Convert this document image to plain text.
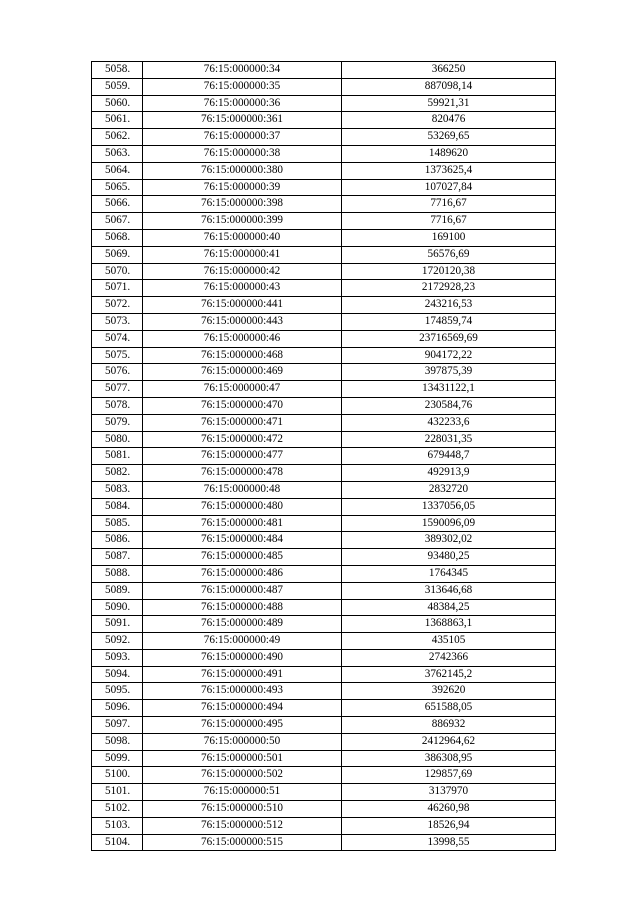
5058.	76:15:000000:34	366250
5059.	76:15:000000:35	887098,14
5060.	76:15:000000:36	59921,31
5061.	76:15:000000:361	820476
5062.	76:15:000000:37	53269,65
5063.	76:15:000000:38	1489620
5064.	76:15:000000:380	1373625,4
5065.	76:15:000000:39	107027,84
5066.	76:15:000000:398	7716,67
5067.	76:15:000000:399	7716,67
5068.	76:15:000000:40	169100
5069.	76:15:000000:41	56576,69
5070.	76:15:000000:42	1720120,38
5071.	76:15:000000:43	2172928,23
5072.	76:15:000000:441	243216,53
5073.	76:15:000000:443	174859,74
5074.	76:15:000000:46	23716569,69
5075.	76:15:000000:468	904172,22
5076.	76:15:000000:469	397875,39
5077.	76:15:000000:47	13431122,1
5078.	76:15:000000:470	230584,76
5079.	76:15:000000:471	432233,6
5080.	76:15:000000:472	228031,35
5081.	76:15:000000:477	679448,7
5082.	76:15:000000:478	492913,9
5083.	76:15:000000:48	2832720
5084.	76:15:000000:480	1337056,05
5085.	76:15:000000:481	1590096,09
5086.	76:15:000000:484	389302,02
5087.	76:15:000000:485	93480,25
5088.	76:15:000000:486	1764345
5089.	76:15:000000:487	313646,68
5090.	76:15:000000:488	48384,25
5091.	76:15:000000:489	1368863,1
5092.	76:15:000000:49	435105
5093.	76:15:000000:490	2742366
5094.	76:15:000000:491	3762145,2
5095.	76:15:000000:493	392620
5096.	76:15:000000:494	651588,05
5097.	76:15:000000:495	886932
5098.	76:15:000000:50	2412964,62
5099.	76:15:000000:501	386308,95
5100.	76:15:000000:502	129857,69
5101.	76:15:000000:51	3137970
5102.	76:15:000000:510	46260,98
5103.	76:15:000000:512	18526,94
5104.	76:15:000000:515	13998,55
